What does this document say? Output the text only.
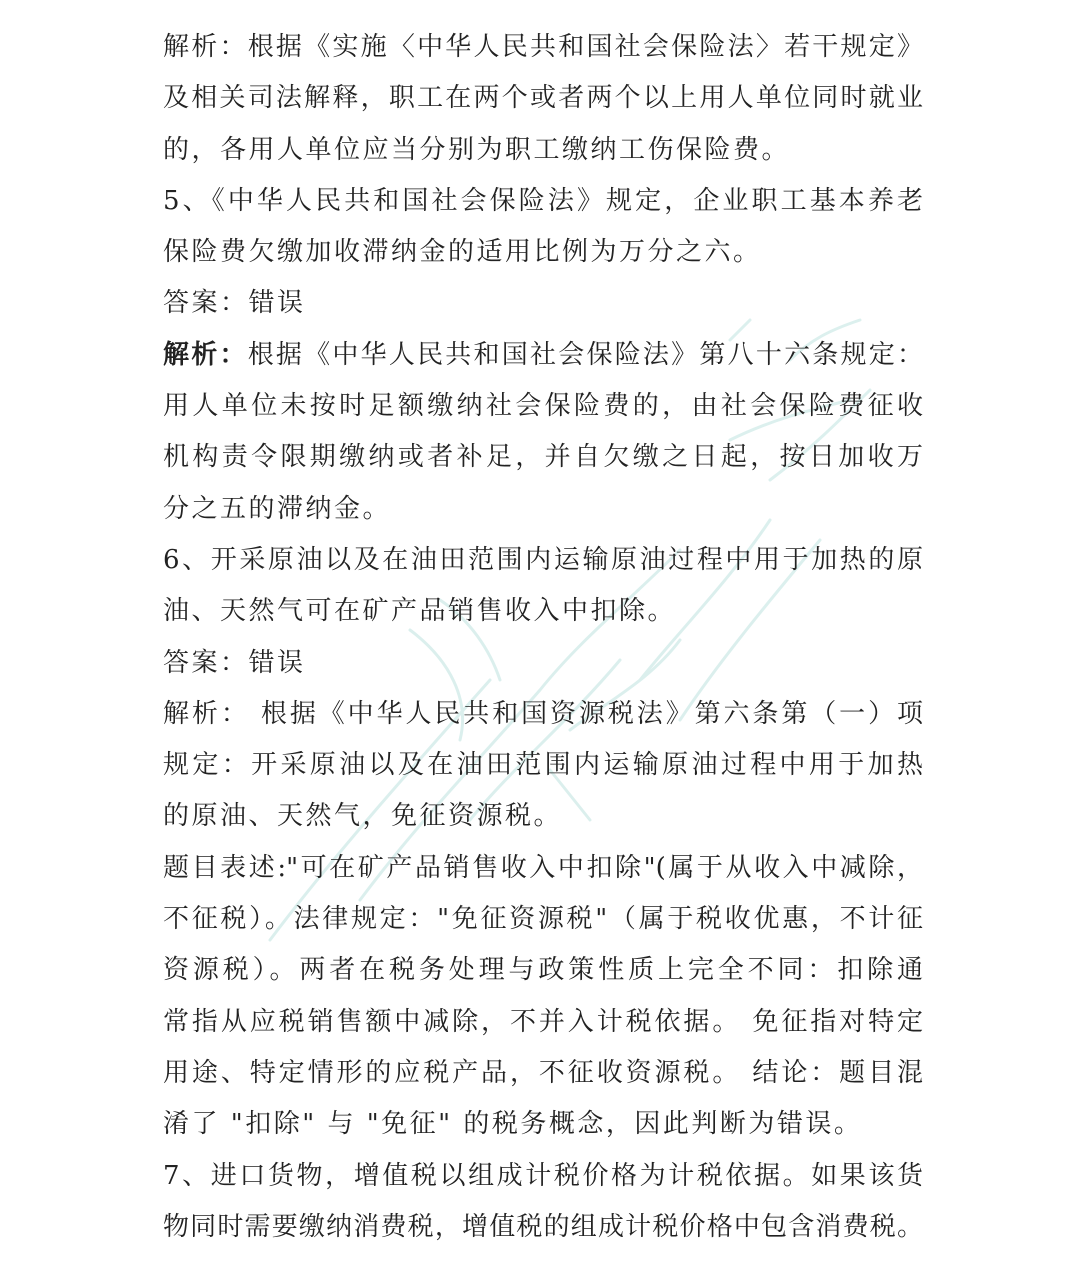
解析：根据《实施〈中华人民共和国社会保险法〉若干规定》
及相关司法解释，职工在两个或者两个以上用人单位同时就业
的，各用人单位应当分别为职工缴纳工伤保险费。
5、《中华人民共和国社会保险法》规定，企业职工基本养老
保险费欠缴加收滞纳金的适用比例为万分之六。
答案：错误
解析：根据《中华人民共和国社会保险法》第八十六条规定：
用人单位未按时足额缴纳社会保险费的，由社会保险费征收
机构责令限期缴纳或者补足，并自欠缴之日起，按日加收万
分之五的滞纳金。
6、开采原油以及在油田范围内运输原油过程中用于加热的原
油、天然气可在矿产品销售收入中扣除。
答案：错误
解析： 根据《中华人民共和国资源税法》第六条第（一）项
规定：开采原油以及在油田范围内运输原油过程中用于加热
的原油、天然气，免征资源税。
题目表述:"可在矿产品销售收入中扣除"(属于从收入中减除，
不征税）。法律规定："免征资源税"（属于税收优惠，不计征
资源税）。两者在税务处理与政策性质上完全不同：扣除通
常指从应税销售额中减除，不并入计税依据。 免征指对特定
用途、特定情形的应税产品，不征收资源税。 结论：题目混
淆了 "扣除" 与 "免征" 的税务概念，因此判断为错误。
7、进口货物，增值税以组成计税价格为计税依据。如果该货
物同时需要缴纳消费税，增值税的组成计税价格中包含消费税。
